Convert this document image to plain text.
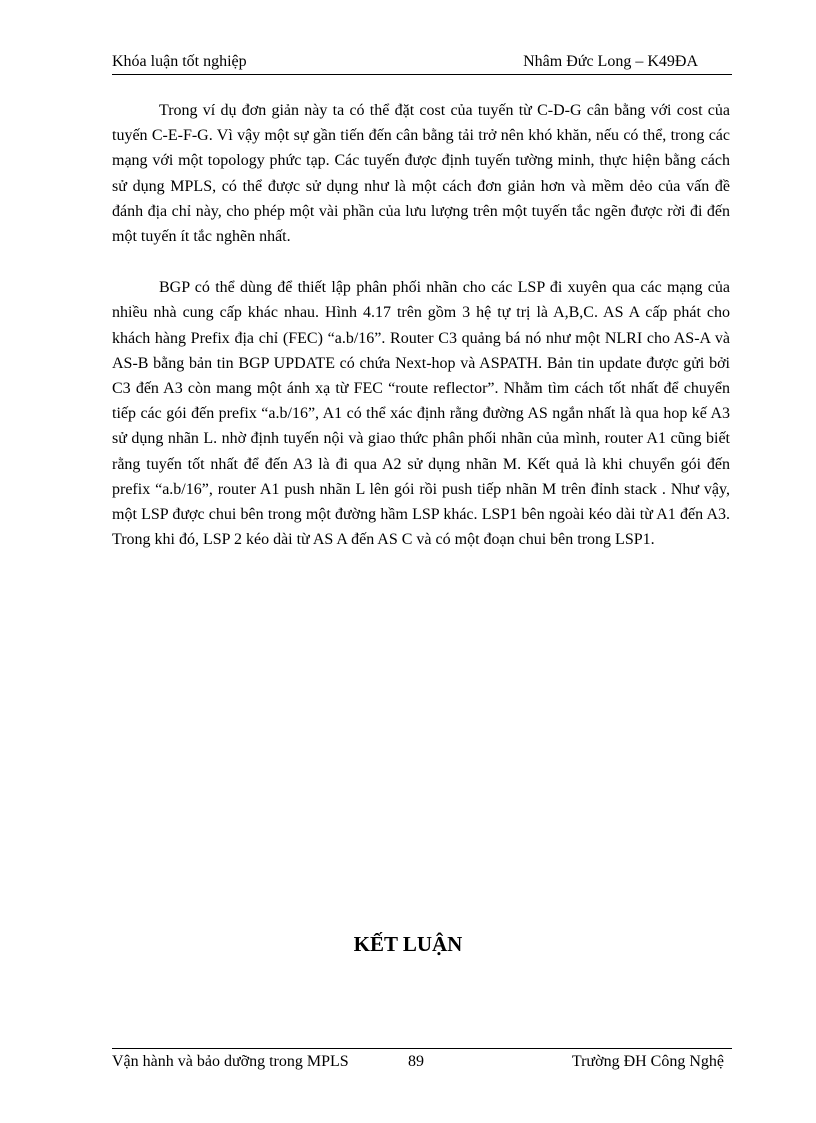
Khóa luận tốt nghiệp	Nhâm Đức Long – K49ĐA

Trong ví dụ đơn giản này ta có thể đặt cost của tuyến từ C-D-G cân bằng với cost của tuyến C-E-F-G. Vì vậy một sự gần tiến đến cân bằng tải trở nên khó khăn, nếu có thể, trong các mạng với một topology phức tạp. Các tuyến được định tuyến tường minh, thực hiện bằng cách sử dụng MPLS, có thể được sử dụng như là một cách đơn giản hơn và mềm dẻo của vấn đề đánh địa chỉ này, cho phép một vài phần của lưu lượng trên một tuyến tắc ngẽn được rời đi đến một tuyến ít tắc nghẽn nhất.

BGP có thể dùng để thiết lập phân phối nhãn cho các LSP đi xuyên qua các mạng của nhiều nhà cung cấp khác nhau. Hình 4.17 trên gồm 3 hệ tự trị là A,B,C. AS A cấp phát cho khách hàng Prefix địa chỉ (FEC) “a.b/16”. Router C3 quảng bá nó như một NLRI cho AS-A và AS-B bằng bản tin BGP UPDATE có chứa Next-hop và ASPATH. Bản tin update được gửi bởi C3 đến A3 còn mang một ánh xạ từ FEC “route reflector”. Nhằm tìm cách tốt nhất để chuyển tiếp các gói đến prefix “a.b/16”, A1 có thể xác định rằng đường AS ngắn nhất là qua hop kế A3 sử dụng nhãn L. nhờ định tuyến nội và giao thức phân phối nhãn của mình, router A1 cũng biết rằng tuyến tốt nhất để đến A3 là đi qua A2 sử dụng nhãn M. Kết quả là khi chuyển gói đến prefix “a.b/16”, router A1 push nhãn L lên gói rồi push tiếp nhãn M trên đỉnh stack . Như vậy, một LSP được chui bên trong một đường hầm LSP khác. LSP1 bên ngoài kéo dài từ A1 đến A3. Trong khi đó, LSP 2 kéo dài từ AS A đến AS C và có một đoạn chui bên trong LSP1.

KẾT LUẬN
Vận hành và bảo dưỡng trong MPLS	89	Trường ĐH Công Nghệ
